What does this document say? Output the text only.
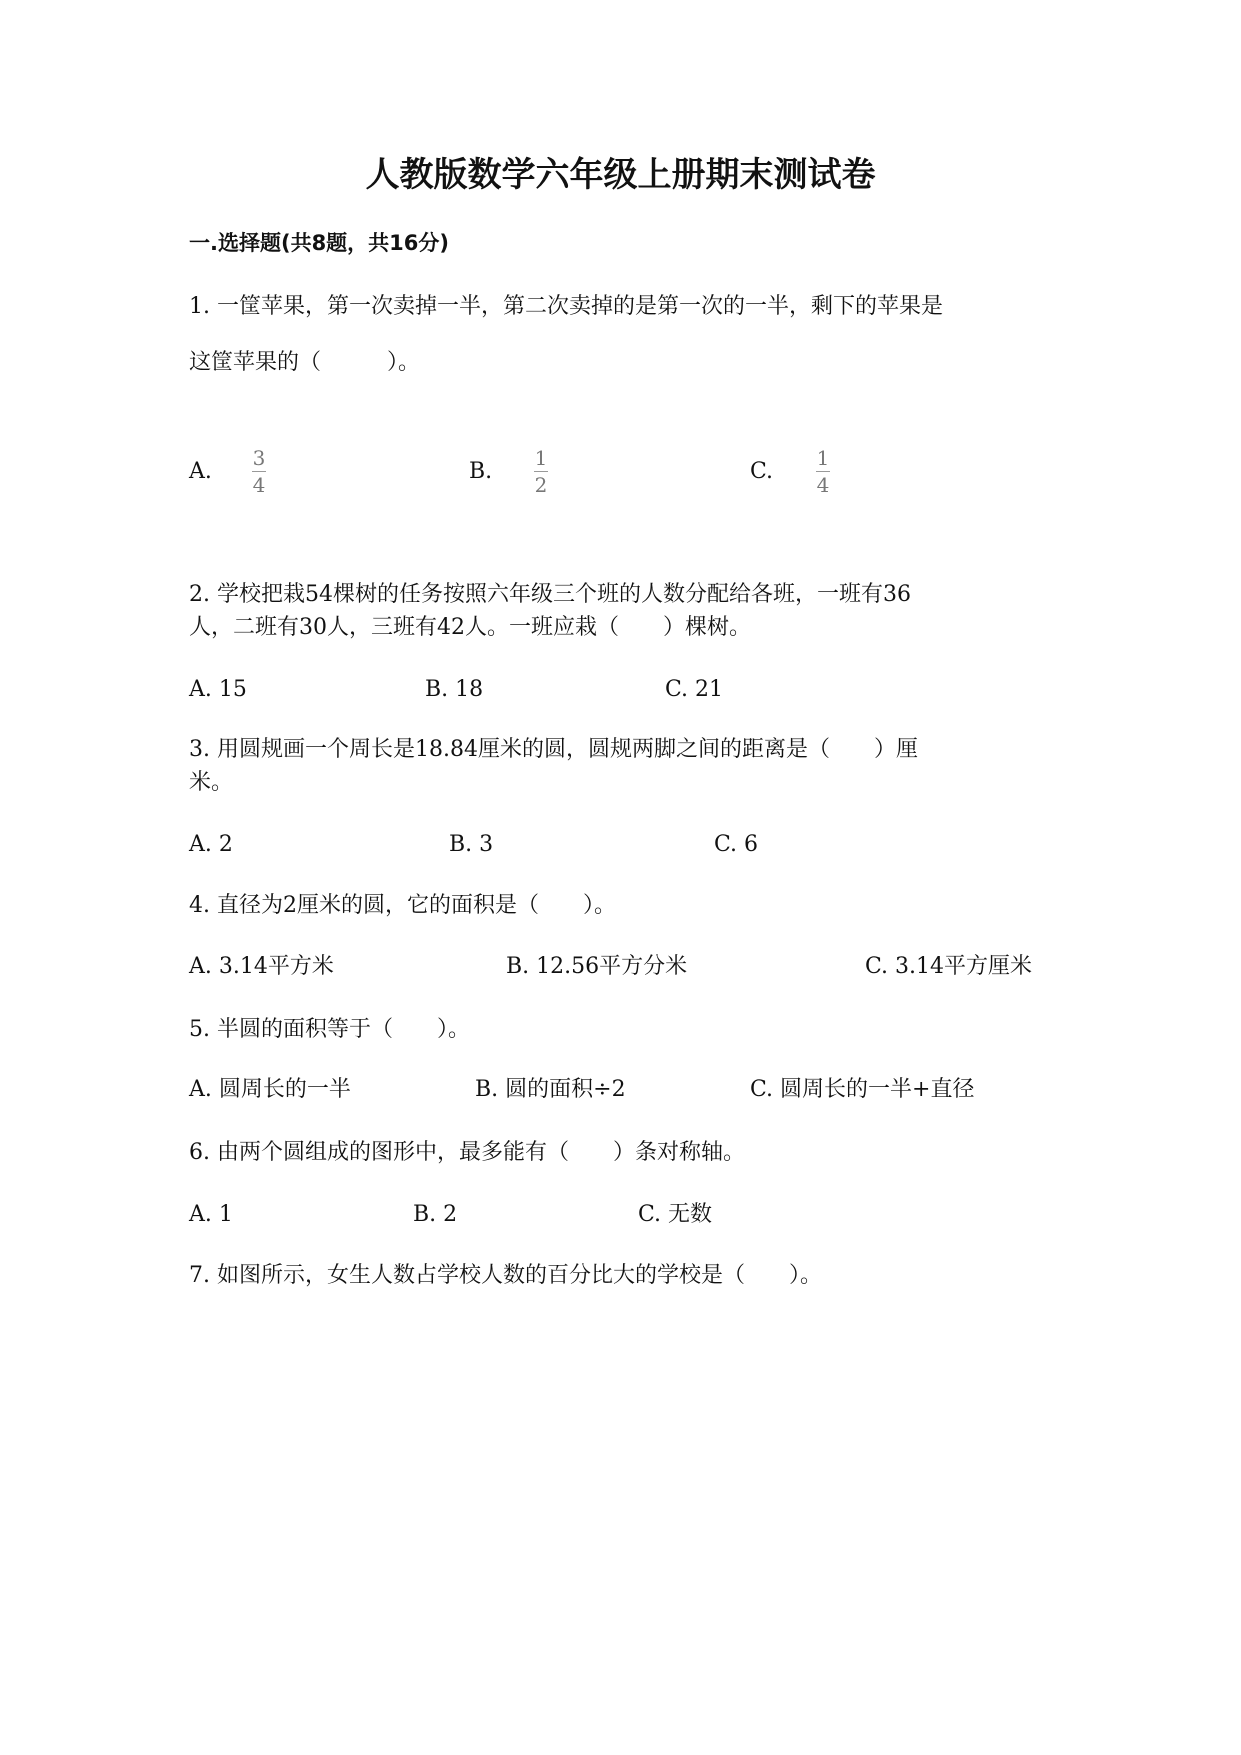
人教版数学六年级上册期末测试卷
一.选择题(共8题，共16分)
1. 一筐苹果，第一次卖掉一半，第二次卖掉的是第一次的一半，剩下的苹果是
这筐苹果的（　　　）。
A.
3
4
B.
1
2
C.
1
4
2. 学校把栽54棵树的任务按照六年级三个班的人数分配给各班，一班有36
人，二班有30人，三班有42人。一班应栽（　　）棵树。
A. 15	B. 18	C. 21
3. 用圆规画一个周长是18.84厘米的圆，圆规两脚之间的距离是（　　）厘
米。
A. 2	B. 3	C. 6
4. 直径为2厘米的圆，它的面积是（　　）。
A. 3.14平方米	B. 12.56平方分米	C. 3.14平方厘米
5. 半圆的面积等于（　　）。
A. 圆周长的一半	B. 圆的面积÷2	C. 圆周长的一半+直径
6. 由两个圆组成的图形中，最多能有（　　）条对称轴。
A. 1	B. 2	C. 无数
7. 如图所示，女生人数占学校人数的百分比大的学校是（　　）。
